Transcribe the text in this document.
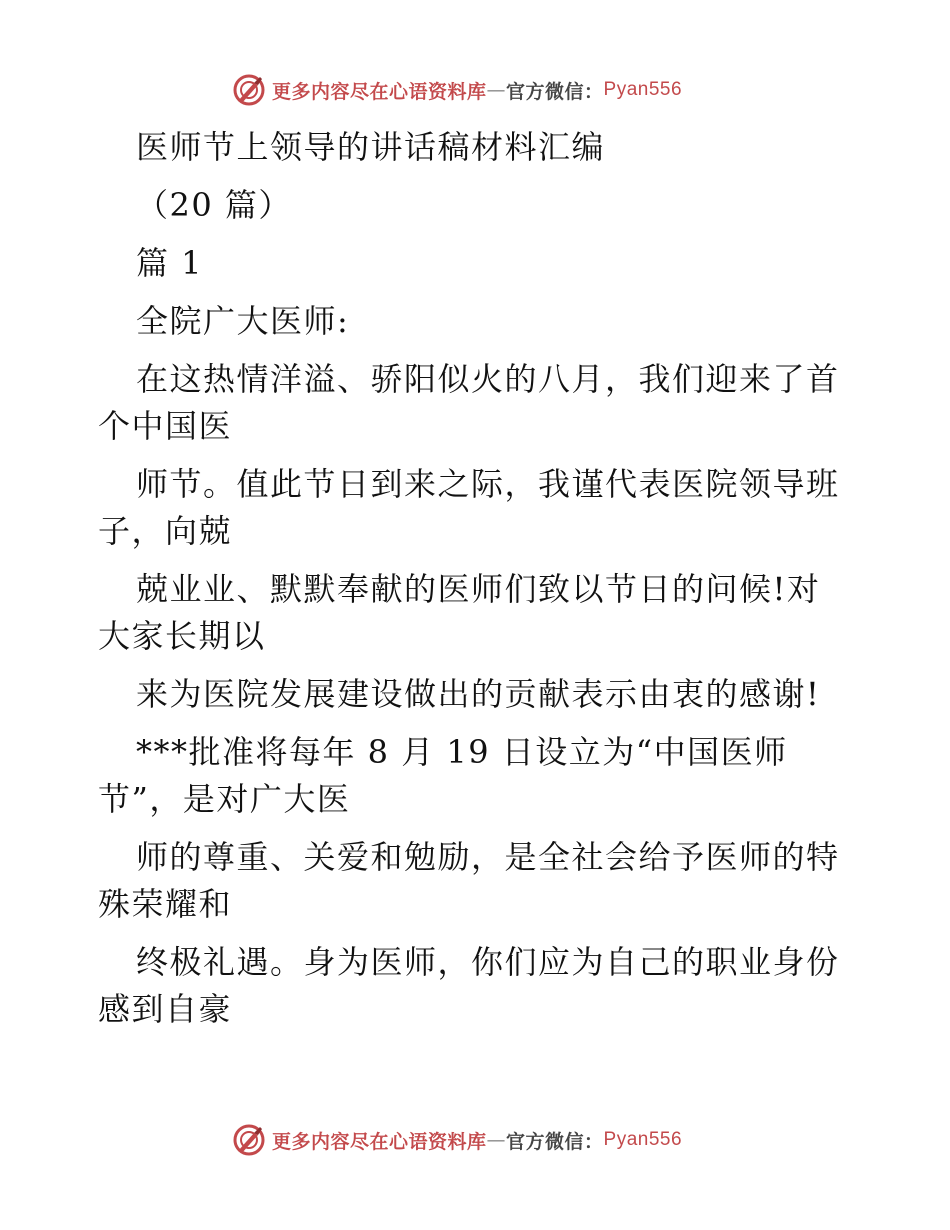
更多内容尽在心语资料库 — 官方微信： Pyan556
医师节上领导的讲话稿材料汇编
（20 篇）
篇 1
全院广大医师:
在这热情洋溢、骄阳似火的八月，我们迎来了首
个中国医
师节。值此节日到来之际，我谨代表医院领导班
子，向兢
兢业业、默默奉献的医师们致以节日的问候!对
大家长期以
来为医院发展建设做出的贡献表示由衷的感谢!
***批准将每年 8 月 19 日设立为“中国医师
节”，是对广大医
师的尊重、关爱和勉励，是全社会给予医师的特
殊荣耀和
终极礼遇。身为医师，你们应为自己的职业身份
感到自豪
更多内容尽在心语资料库 — 官方微信： Pyan556
